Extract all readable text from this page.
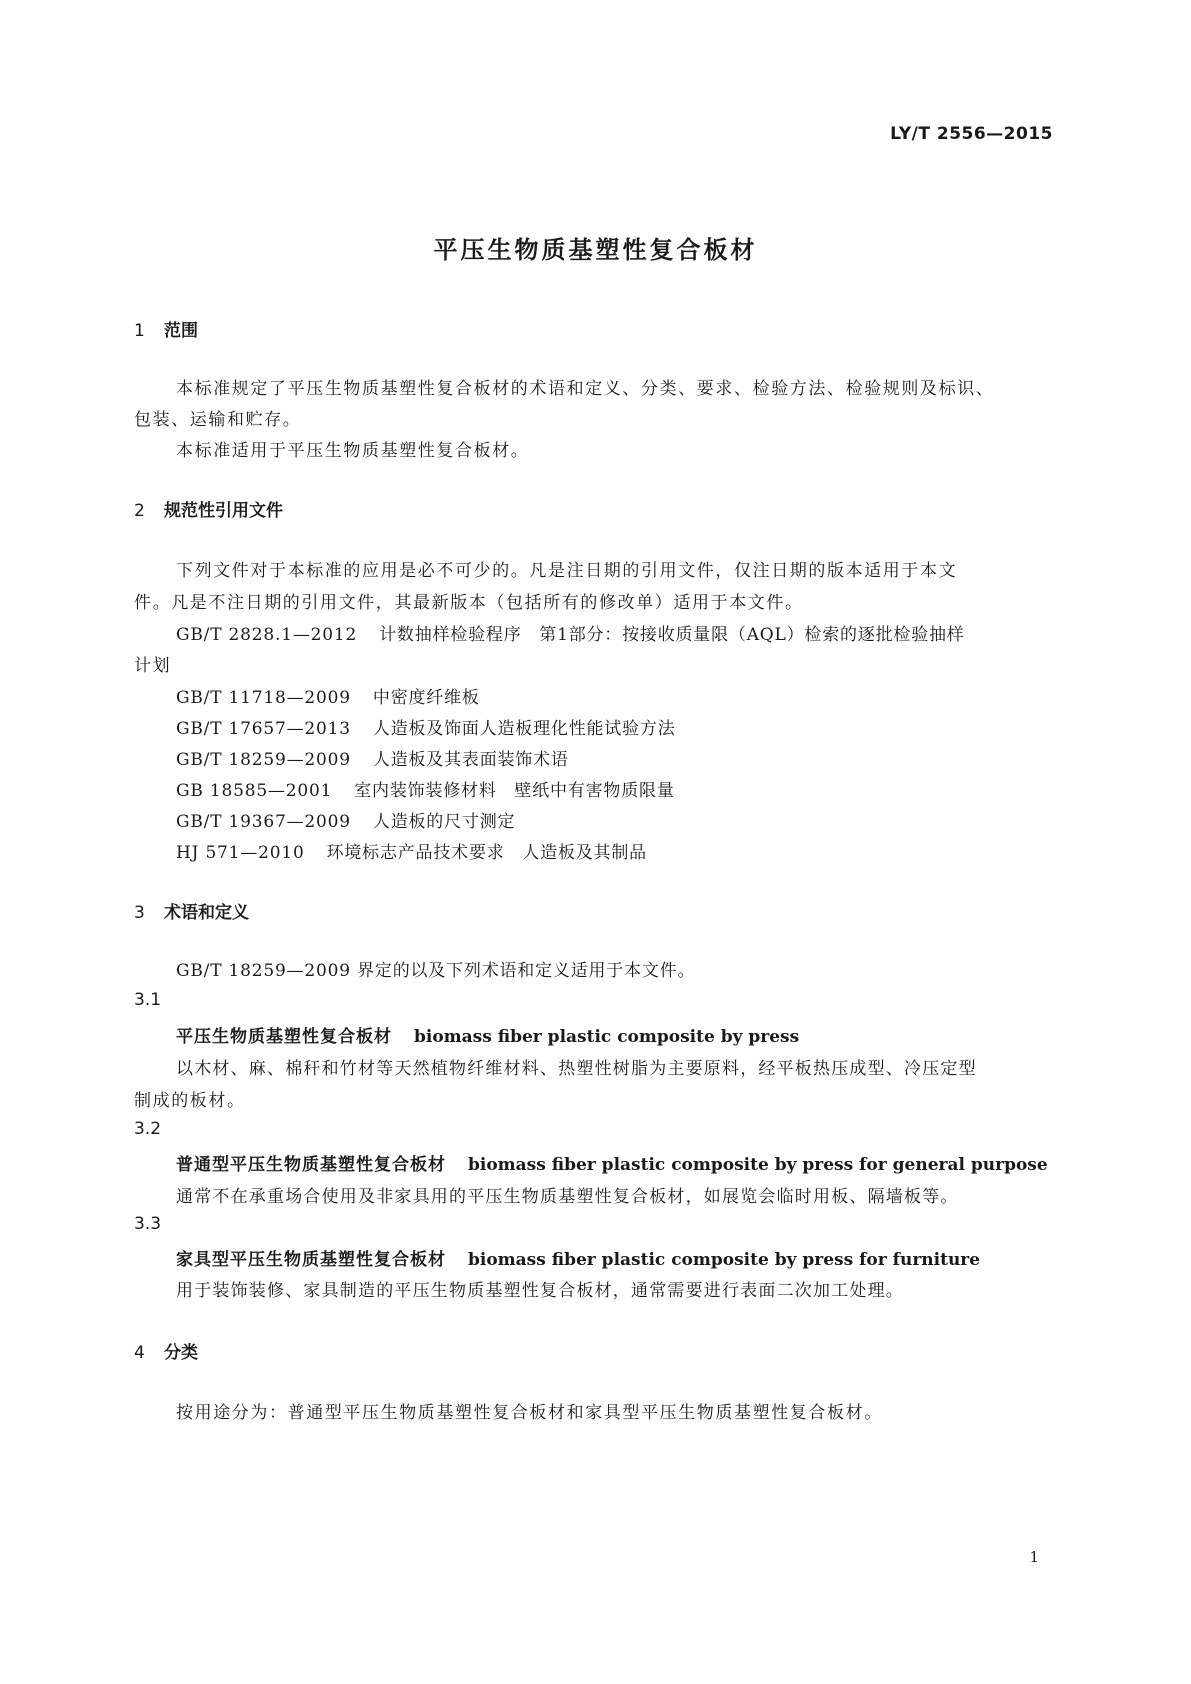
LY/T 2556—2015
平压生物质基塑性复合板材
1 范围
本标准规定了平压生物质基塑性复合板材的术语和定义、分类、要求、检验方法、检验规则及标识、
包装、运输和贮存。
本标准适用于平压生物质基塑性复合板材。
2 规范性引用文件
下列文件对于本标准的应用是必不可少的。凡是注日期的引用文件，仅注日期的版本适用于本文
件。凡是不注日期的引用文件，其最新版本（包括所有的修改单）适用于本文件。
GB/T 2828.1—2012 计数抽样检验程序　第1部分：按接收质量限（AQL）检索的逐批检验抽样
计划
GB/T 11718—2009 中密度纤维板
GB/T 17657—2013 人造板及饰面人造板理化性能试验方法
GB/T 18259—2009 人造板及其表面装饰术语
GB 18585—2001 室内装饰装修材料　壁纸中有害物质限量
GB/T 19367—2009 人造板的尺寸测定
HJ 571—2010 环境标志产品技术要求　人造板及其制品
3 术语和定义
GB/T 18259—2009 界定的以及下列术语和定义适用于本文件。
3.1
平压生物质基塑性复合板材 biomass fiber plastic composite by press
以木材、麻、棉秆和竹材等天然植物纤维材料、热塑性树脂为主要原料，经平板热压成型、冷压定型
制成的板材。
3.2
普通型平压生物质基塑性复合板材 biomass fiber plastic composite by press for general purpose
通常不在承重场合使用及非家具用的平压生物质基塑性复合板材，如展览会临时用板、隔墙板等。
3.3
家具型平压生物质基塑性复合板材 biomass fiber plastic composite by press for furniture
用于装饰装修、家具制造的平压生物质基塑性复合板材，通常需要进行表面二次加工处理。
4 分类
按用途分为：普通型平压生物质基塑性复合板材和家具型平压生物质基塑性复合板材。
1
